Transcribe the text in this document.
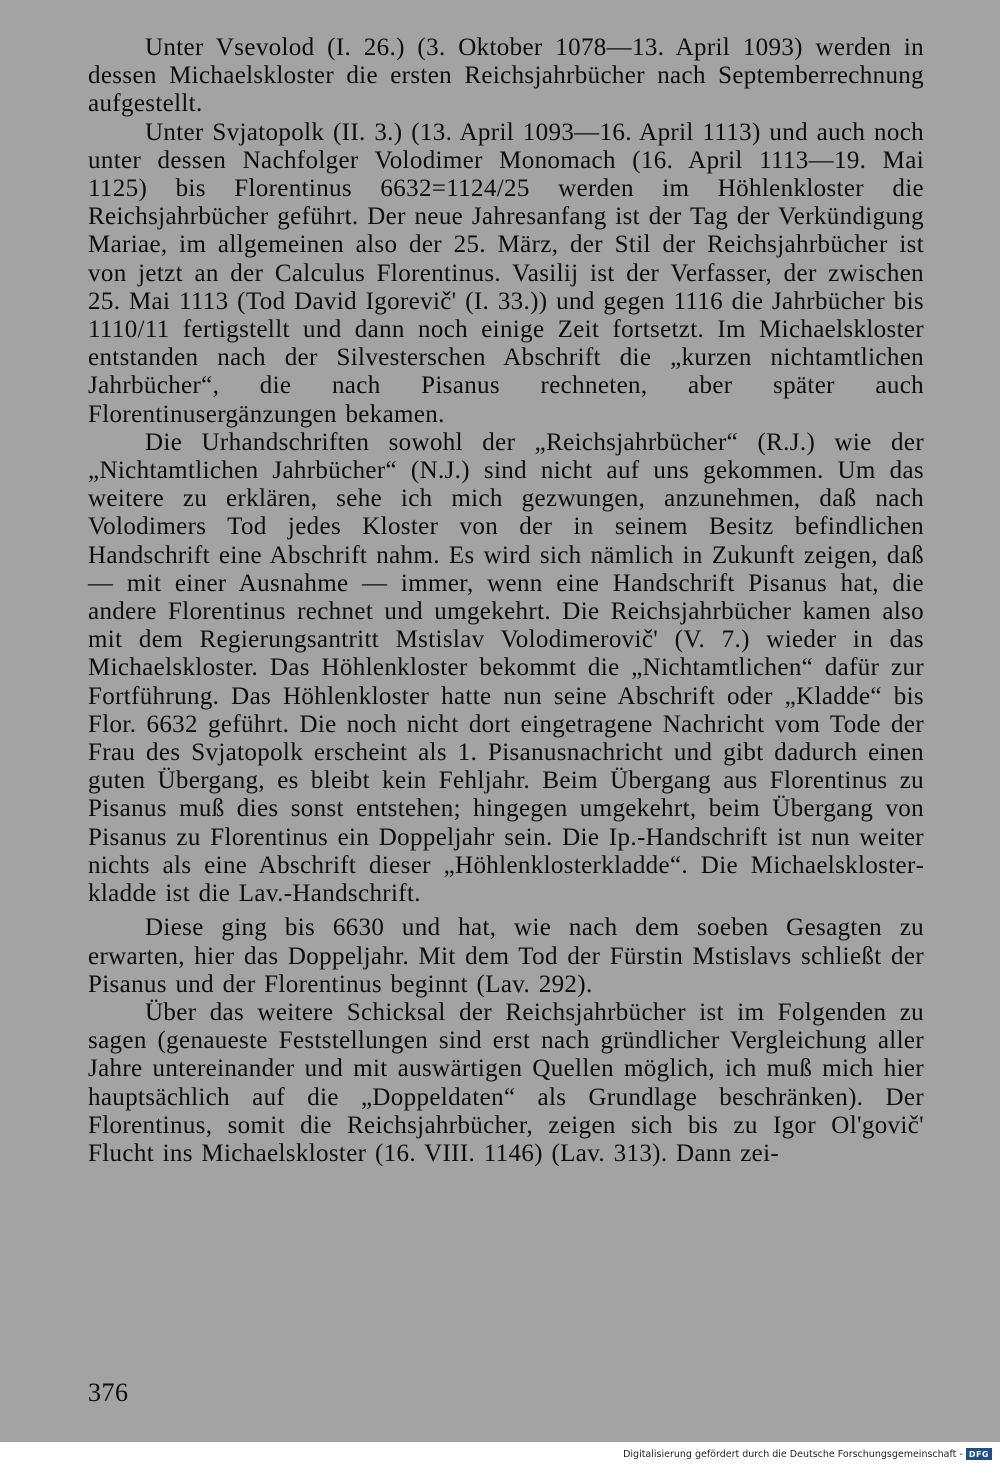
Unter Vsevolod (I. 26.) (3. Oktober 1078—13. April 1093) werden in dessen Michaelskloster die ersten Reichsjahrbücher nach Septemberrechnung aufgestellt.

Unter Svjatopolk (II. 3.) (13. April 1093—16. April 1113) und auch noch unter dessen Nachfolger Volodimer Monomach (16. April 1113—19. Mai 1125) bis Florentinus 6632=1124/25 werden im Höhlenkloster die Reichsjahrbücher geführt. Der neue Jahresanfang ist der Tag der Verkündigung Mariae, im allgemeinen also der 25. März, der Stil der Reichsjahrbücher ist von jetzt an der Calculus Florentinus. Vasilij ist der Verfasser, der zwischen 25. Mai 1113 (Tod David Igorevič' (I. 33.)) und gegen 1116 die Jahrbücher bis 1110/11 fertigstellt und dann noch einige Zeit fortsetzt. Im Michaelskloster entstanden nach der Silvesterschen Abschrift die „kurzen nichtamtlichen Jahrbücher“, die nach Pisanus rechneten, aber später auch Florentinusergänzungen bekamen.

Die Urhandschriften sowohl der „Reichsjahrbücher“ (R.J.) wie der „Nichtamtlichen Jahrbücher“ (N.J.) sind nicht auf uns gekommen. Um das weitere zu erklären, sehe ich mich gezwungen, anzunehmen, daß nach Volodimers Tod jedes Kloster von der in seinem Besitz befindlichen Handschrift eine Abschrift nahm. Es wird sich nämlich in Zukunft zeigen, daß — mit einer Ausnahme — immer, wenn eine Handschrift Pisanus hat, die andere Florentinus rechnet und umgekehrt. Die Reichsjahrbücher kamen also mit dem Regierungsantritt Mstislav Volodimerovič' (V. 7.) wieder in das Michaelskloster. Das Höhlenkloster bekommt die „Nichtamtlichen“ dafür zur Fortführung. Das Höhlenkloster hatte nun seine Abschrift oder „Kladde“ bis Flor. 6632 geführt. Die noch nicht dort eingetragene Nachricht vom Tode der Frau des Svjatopolk erscheint als 1. Pisanusnachricht und gibt dadurch einen guten Übergang, es bleibt kein Fehljahr. Beim Übergang aus Florentinus zu Pisanus muß dies sonst entstehen; hingegen umgekehrt, beim Übergang von Pisanus zu Florentinus ein Doppeljahr sein. Die Ip.-Handschrift ist nun weiter nichts als eine Abschrift dieser „Höhlenklosterkladde“. Die Michaelsklosterkladde ist die Lav.-Handschrift.

Diese ging bis 6630 und hat, wie nach dem soeben Gesagten zu erwarten, hier das Doppeljahr. Mit dem Tod der Fürstin Mstislavs schließt der Pisanus und der Florentinus beginnt (Lav. 292).

Über das weitere Schicksal der Reichsjahrbücher ist im Folgenden zu sagen (genaueste Feststellungen sind erst nach gründlicher Vergleichung aller Jahre untereinander und mit auswärtigen Quellen möglich, ich muß mich hier hauptsächlich auf die „Doppeldaten“ als Grundlage beschränken). Der Florentinus, somit die Reichsjahrbücher, zeigen sich bis zu Igor Ol'govič' Flucht ins Michaelskloster (16. VIII. 1146) (Lav. 313). Dann zei-

376
Digitalisierung gefördert durch die Deutsche Forschungsgemeinschaft - DFG
